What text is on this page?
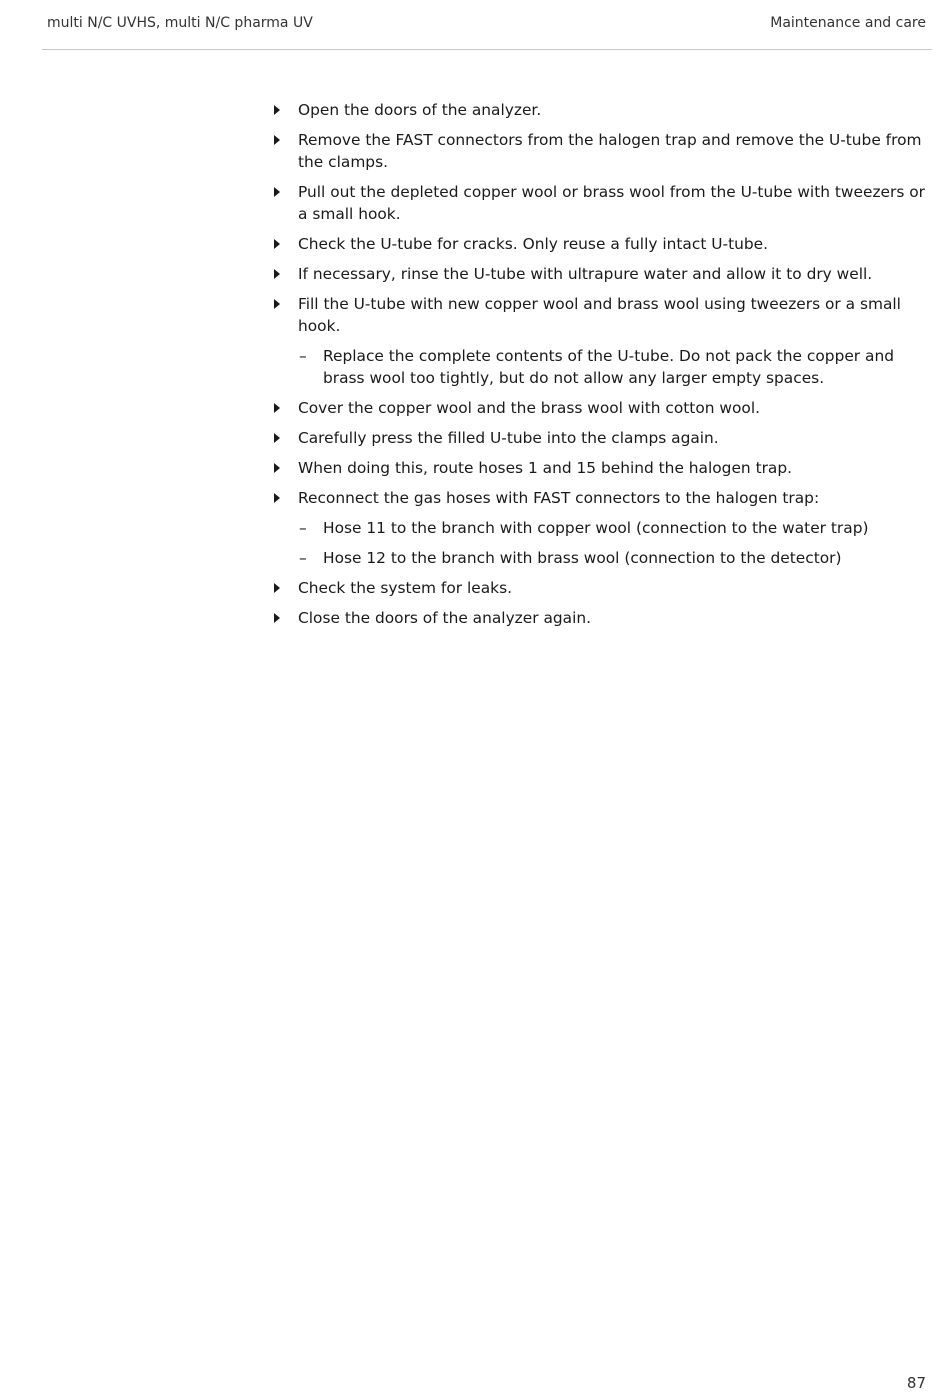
multi N/C UVHS, multi N/C pharma UV	Maintenance and care
Open the doors of the analyzer.
Remove the FAST connectors from the halogen trap and remove the U-tube from the clamps.
Pull out the depleted copper wool or brass wool from the U-tube with tweezers or a small hook.
Check the U-tube for cracks. Only reuse a fully intact U-tube.
If necessary, rinse the U-tube with ultrapure water and allow it to dry well.
Fill the U-tube with new copper wool and brass wool using tweezers or a small hook.
– Replace the complete contents of the U-tube. Do not pack the copper and brass wool too tightly, but do not allow any larger empty spaces.
Cover the copper wool and the brass wool with cotton wool.
Carefully press the filled U-tube into the clamps again.
When doing this, route hoses 1 and 15 behind the halogen trap.
Reconnect the gas hoses with FAST connectors to the halogen trap:
– Hose 11 to the branch with copper wool (connection to the water trap)
– Hose 12 to the branch with brass wool (connection to the detector)
Check the system for leaks.
Close the doors of the analyzer again.
87
